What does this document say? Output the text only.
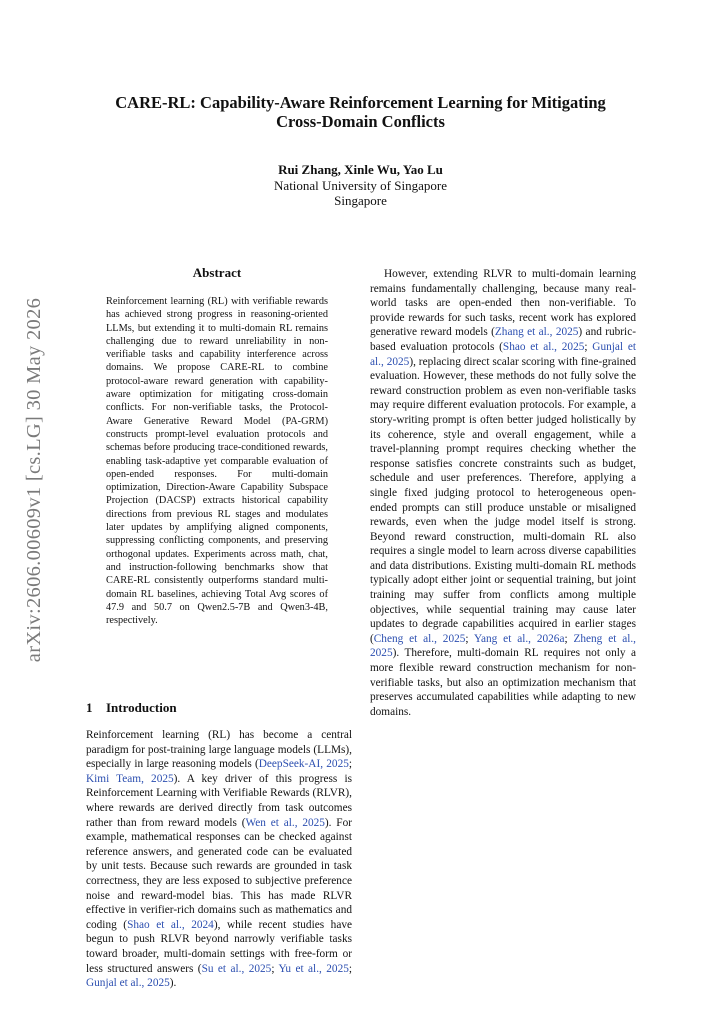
arXiv:2606.00609v1 [cs.LG] 30 May 2026
CARE-RL: Capability-Aware Reinforcement Learning for Mitigating
Cross-Domain Conflicts
Rui Zhang, Xinle Wu, Yao Lu
National University of Singapore
Singapore
Abstract

Reinforcement learning (RL) with verifiable rewards has achieved strong progress in reasoning-oriented LLMs, but extending it to multi-domain RL remains challenging due to reward unreliability in non-verifiable tasks and capability interference across domains. We propose CARE-RL to combine protocol-aware reward generation with capability-aware optimization for mitigating cross-domain conflicts. For non-verifiable tasks, the Protocol-Aware Generative Reward Model (PA-GRM) constructs prompt-level evaluation protocols and schemas before producing trace-conditioned rewards, enabling task-adaptive yet comparable evaluation of open-ended responses. For multi-domain optimization, Direction-Aware Capability Subspace Projection (DACSP) extracts historical capability directions from previous RL stages and modulates later updates by amplifying aligned components, suppressing conflicting components, and preserving orthogonal updates. Experiments across math, chat, and instruction-following benchmarks show that CARE-RL consistently outperforms standard multi-domain RL baselines, achieving Total Avg scores of 47.9 and 50.7 on Qwen2.5-7B and Qwen3-4B, respectively.

1 Introduction

Reinforcement learning (RL) has become a central paradigm for post-training large language models (LLMs), especially in large reasoning models (DeepSeek-AI, 2025; Kimi Team, 2025). A key driver of this progress is Reinforcement Learning with Verifiable Rewards (RLVR), where rewards are derived directly from task outcomes rather than from reward models (Wen et al., 2025). For example, mathematical responses can be checked against reference answers, and generated code can be evaluated by unit tests. Because such rewards are grounded in task correctness, they are less exposed to subjective preference noise and reward-model bias. This has made RLVR effective in verifier-rich domains such as mathematics and coding (Shao et al., 2024), while recent studies have begun to push RLVR beyond narrowly verifiable tasks toward broader, multi-domain settings with free-form or less structured answers (Su et al., 2025; Yu et al., 2025; Gunjal et al., 2025).

However, extending RLVR to multi-domain learning remains fundamentally challenging, because many real-world tasks are open-ended then non-verifiable. To provide rewards for such tasks, recent work has explored generative reward models (Zhang et al., 2025) and rubric-based evaluation protocols (Shao et al., 2025; Gunjal et al., 2025), replacing direct scalar scoring with fine-grained evaluation. However, these methods do not fully solve the reward construction problem as even non-verifiable tasks may require different evaluation protocols. For example, a story-writing prompt is often better judged holistically by its coherence, style and overall engagement, while a travel-planning prompt requires checking whether the response satisfies concrete constraints such as budget, schedule and user preferences. Therefore, applying a single fixed judging protocol to heterogeneous open-ended prompts can still produce unstable or misaligned rewards, even when the judge model itself is strong. Beyond reward construction, multi-domain RL also requires a single model to learn across diverse capabilities and data distributions. Existing multi-domain RL methods typically adopt either joint or sequential training, but joint training may suffer from conflicts among multiple objectives, while sequential training may cause later updates to degrade capabilities acquired in earlier stages (Cheng et al., 2025; Yang et al., 2026a; Zheng et al., 2025). Therefore, multi-domain RL requires not only a more flexible reward construction mechanism for non-verifiable tasks, but also an optimization mechanism that preserves accumulated capabilities while adapting to new domains.
